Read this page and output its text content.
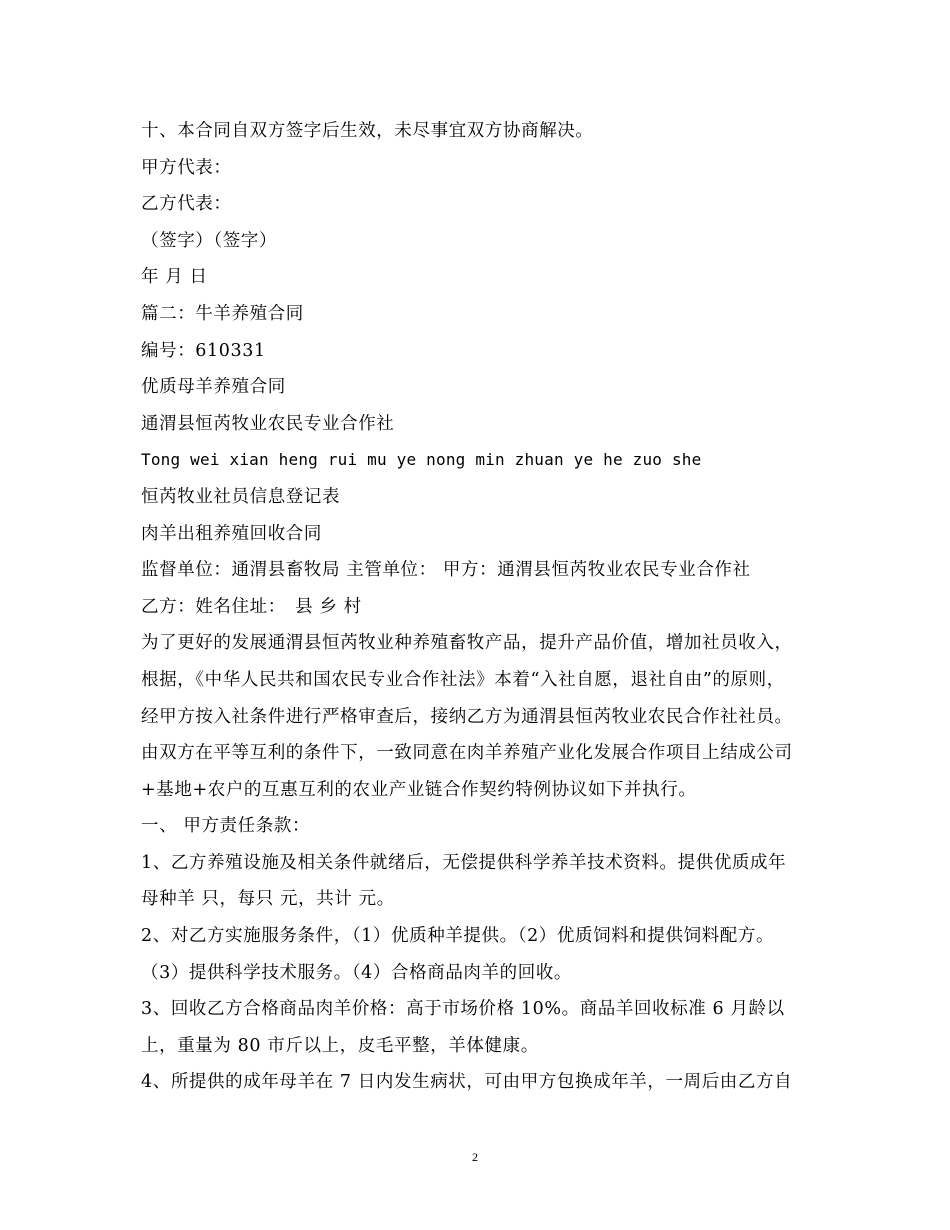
十、本合同自双方签字后生效，未尽事宜双方协商解决。
甲方代表：
乙方代表：
（签字）（签字）
年 月 日
篇二：牛羊养殖合同
编号：610331
优质母羊养殖合同
通渭县恒芮牧业农民专业合作社
Tong wei xian heng rui mu ye nong min zhuan ye he zuo she
恒芮牧业社员信息登记表
肉羊出租养殖回收合同
监督单位：通渭县畜牧局 主管单位： 甲方：通渭县恒芮牧业农民专业合作社
乙方：姓名住址：　县 乡 村
为了更好的发展通渭县恒芮牧业种养殖畜牧产品，提升产品价值，增加社员收入，
根据，《中华人民共和国农民专业合作社法》本着“入社自愿，退社自由”的原则，
经甲方按入社条件进行严格审查后，接纳乙方为通渭县恒芮牧业农民合作社社员。
由双方在平等互利的条件下，一致同意在肉羊养殖产业化发展合作项目上结成公司
+基地+农户的互惠互利的农业产业链合作契约特例协议如下并执行。
一、 甲方责任条款：
1、乙方养殖设施及相关条件就绪后，无偿提供科学养羊技术资料。提供优质成年
母种羊 只，每只 元，共计 元。
2、对乙方实施服务条件，（1）优质种羊提供。（2）优质饲料和提供饲料配方。
（3）提供科学技术服务。（4）合格商品肉羊的回收。
3、回收乙方合格商品肉羊价格：高于市场价格 10%。商品羊回收标准 6 月龄以
上，重量为 80 市斤以上，皮毛平整，羊体健康。
4、所提供的成年母羊在 7 日内发生病状，可由甲方包换成年羊，一周后由乙方自
2
